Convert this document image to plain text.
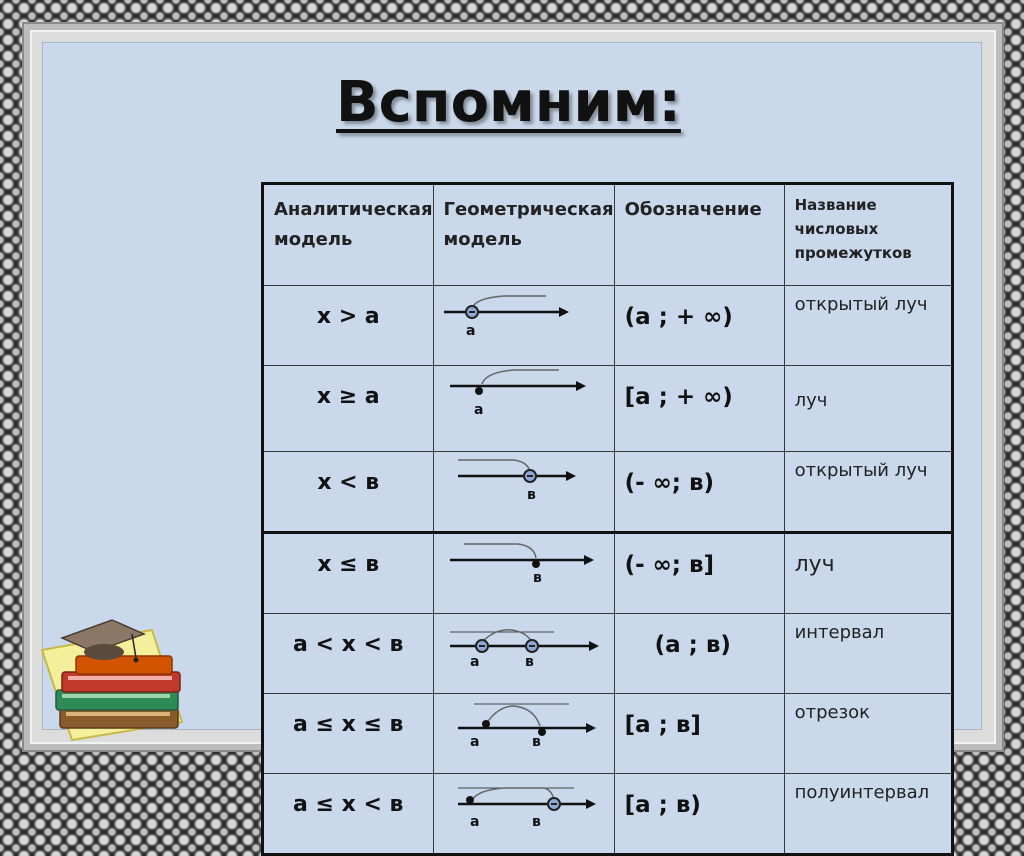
Вспомним:
Аналитическая модель	Геометрическая модель	Обозначение	Название числовых промежутков
x > a	a	(a ; + ∞)	открытый луч
x ≥ a	a	[a ; + ∞)	луч
x < в	в	(- ∞; в)	открытый луч
x ≤ в	в	(- ∞; в]	луч
a < x < в	a в	(a ; в)	интервал
a ≤ x ≤ в	a в	[a ; в]	отрезок
a ≤ x < в	a в	[a ; в)	полуинтервал
